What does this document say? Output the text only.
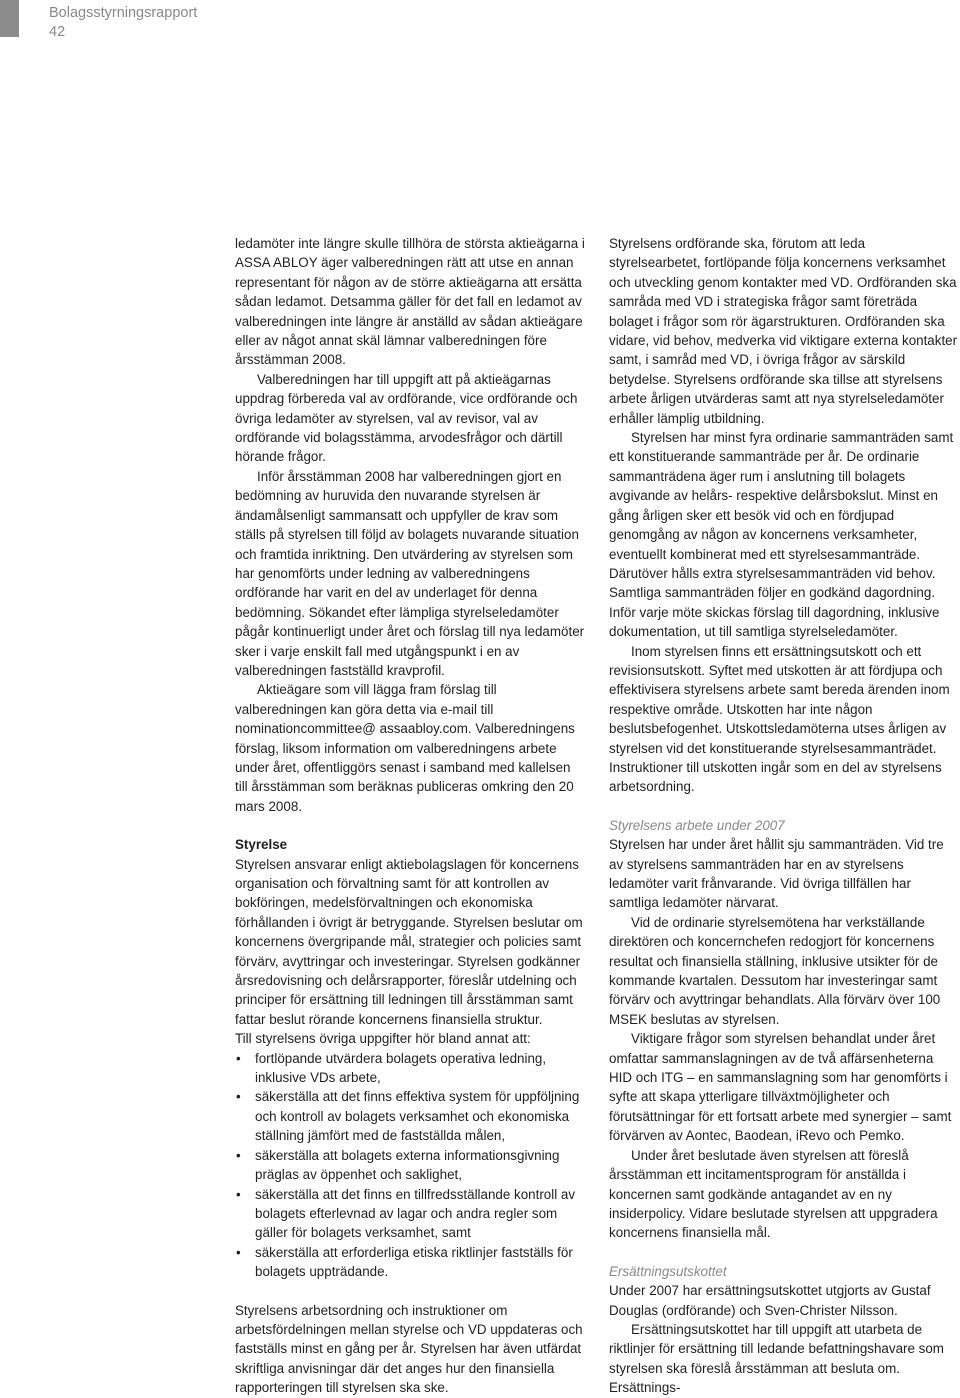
Bolagsstyrningsrapport
42

ledamöter inte längre skulle tillhöra de största aktieägarna i ASSA ABLOY äger valberedningen rätt att utse en annan representant för någon av de större aktieägarna att ersätta sådan ledamot. Detsamma gäller för det fall en ledamot av valberedningen inte längre är anställd av sådan aktieägare eller av något annat skäl lämnar valberedningen före årsstämman 2008.

Valberedningen har till uppgift att på aktieägarnas uppdrag förbereda val av ordförande, vice ordförande och övriga ledamöter av styrelsen, val av revisor, val av ordförande vid bolagsstämma, arvodesfrågor och därtill hörande frågor.

Inför årsstämman 2008 har valberedningen gjort en bedömning av huruvida den nuvarande styrelsen är ändamålsenligt sammansatt och uppfyller de krav som ställs på styrelsen till följd av bolagets nuvarande situation och framtida inriktning. Den utvärdering av styrelsen som har genomförts under ledning av valberedningens ordförande har varit en del av underlaget för denna bedömning. Sökandet efter lämpliga styrelseledamöter pågår kontinuerligt under året och förslag till nya ledamöter sker i varje enskilt fall med utgångspunkt i en av valberedningen fastställd kravprofil.

Aktieägare som vill lägga fram förslag till valberedningen kan göra detta via e-mail till nominationcommittee@ assaabloy.com. Valberedningens förslag, liksom information om valberedningens arbete under året, offentliggörs senast i samband med kallelsen till årsstämman som beräknas publiceras omkring den 20 mars 2008.

Styrelse

Styrelsen ansvarar enligt aktiebolagslagen för koncernens organisation och förvaltning samt för att kontrollen av bokföringen, medelsförvaltningen och ekonomiska förhållanden i övrigt är betryggande. Styrelsen beslutar om koncernens övergripande mål, strategier och policies samt förvärv, avyttringar och investeringar. Styrelsen godkänner årsredovisning och delårsrapporter, föreslår utdelning och principer för ersättning till ledningen till årsstämman samt fattar beslut rörande koncernens finansiella struktur.

Till styrelsens övriga uppgifter hör bland annat att:

• fortlöpande utvärdera bolagets operativa ledning, inklusive VDs arbete,
• säkerställa att det finns effektiva system för uppföljning och kontroll av bolagets verksamhet och ekonomiska ställning jämfört med de fastställda målen,
• säkerställa att bolagets externa informationsgivning präglas av öppenhet och saklighet,
• säkerställa att det finns en tillfredsställande kontroll av bolagets efterlevnad av lagar och andra regler som gäller för bolagets verksamhet, samt
• säkerställa att erforderliga etiska riktlinjer fastställs för bolagets uppträdande.

Styrelsens arbetsordning och instruktioner om arbetsfördelningen mellan styrelse och VD uppdateras och fastställs minst en gång per år. Styrelsen har även utfärdat skriftliga anvisningar där det anges hur den finansiella rapporteringen till styrelsen ska ske.

Styrelsens ordförande ska, förutom att leda styrelsearbetet, fortlöpande följa koncernens verksamhet och utveckling genom kontakter med VD. Ordföranden ska samråda med VD i strategiska frågor samt företräda bolaget i frågor som rör ägarstrukturen. Ordföranden ska vidare, vid behov, medverka vid viktigare externa kontakter samt, i samråd med VD, i övriga frågor av särskild betydelse. Styrelsens ordförande ska tillse att styrelsens arbete årligen utvärderas samt att nya styrelseledamöter erhåller lämplig utbildning.

Styrelsen har minst fyra ordinarie sammanträden samt ett konstituerande sammanträde per år. De ordinarie sammanträdena äger rum i anslutning till bolagets avgivande av helårs- respektive delårsbokslut. Minst en gång årligen sker ett besök vid och en fördjupad genomgång av någon av koncernens verksamheter, eventuellt kombinerat med ett styrelsesammanträde. Därutöver hålls extra styrelsesammanträden vid behov. Samtliga sammanträden följer en godkänd dagordning. Inför varje möte skickas förslag till dagordning, inklusive dokumentation, ut till samtliga styrelseledamöter.

Inom styrelsen finns ett ersättningsutskott och ett revisionsutskott. Syftet med utskotten är att fördjupa och effektivisera styrelsens arbete samt bereda ärenden inom respektive område. Utskotten har inte någon beslutsbefogenhet. Utskottsledamöterna utses årligen av styrelsen vid det konstituerande styrelsesammanträdet. Instruktioner till utskotten ingår som en del av styrelsens arbetsordning.

Styrelsens arbete under 2007

Styrelsen har under året hållit sju sammanträden. Vid tre av styrelsens sammanträden har en av styrelsens ledamöter varit frånvarande. Vid övriga tillfällen har samtliga ledamöter närvarat.

Vid de ordinarie styrelsemötena har verkställande direktören och koncernchefen redogjort för koncernens resultat och finansiella ställning, inklusive utsikter för de kommande kvartalen. Dessutom har investeringar samt förvärv och avyttringar behandlats. Alla förvärv över 100 MSEK beslutas av styrelsen.

Viktigare frågor som styrelsen behandlat under året omfattar sammanslagningen av de två affärsenheterna HID och ITG – en sammanslagning som har genomförts i syfte att skapa ytterligare tillväxtmöjligheter och förutsättningar för ett fortsatt arbete med synergier – samt förvärven av Aontec, Baodean, iRevo och Pemko.

Under året beslutade även styrelsen att föreslå årsstämman ett incitamentsprogram för anställda i koncernen samt godkände antagandet av en ny insiderpolicy. Vidare beslutade styrelsen att uppgradera koncernens finansiella mål.

Ersättningsutskottet

Under 2007 har ersättningsutskottet utgjorts av Gustaf Douglas (ordförande) och Sven-Christer Nilsson.

Ersättningsutskottet har till uppgift att utarbeta de riktlinjer för ersättning till ledande befattningshavare som styrelsen ska föreslå årsstämman att besluta om. Ersättnings-
